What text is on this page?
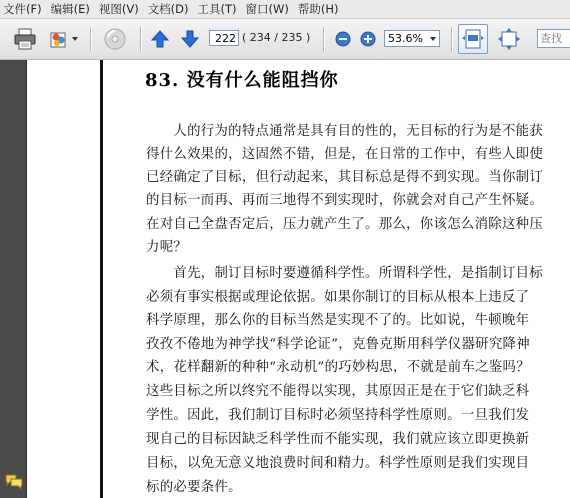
文件(F) 编辑(E) 视图(V) 文档(D) 工具(T) 窗口(W) 帮助(H)
222 ( 234 / 235 )	53.6%	查找
83. 没有什么能阻挡你
　　人的行为的特点通常是具有目的性的，无目标的行为是不能获
得什么效果的，这固然不错，但是，在日常的工作中，有些人即使
已经确定了目标，但行动起来，其目标总是得不到实现。当你制订
的目标一而再、再而三地得不到实现时，你就会对自己产生怀疑。
在对自己全盘否定后，压力就产生了。那么，你该怎么消除这种压
力呢？
　　首先，制订目标时要遵循科学性。所谓科学性，是指制订目标
必须有事实根据或理论依据。如果你制订的目标从根本上违反了
科学原理，那么你的目标当然是实现不了的。比如说，牛顿晚年
孜孜不倦地为神学找“科学论证”，克鲁克斯用科学仪器研究降神
术，花样翻新的种种“永动机”的巧妙构思，不就是前车之鉴吗？
这些目标之所以终究不能得以实现，其原因正是在于它们缺乏科
学性。因此，我们制订目标时必须坚持科学性原则。一旦我们发
现自己的目标因缺乏科学性而不能实现，我们就应该立即更换新
目标，以免无意义地浪费时间和精力。科学性原则是我们实现目
标的必要条件。
